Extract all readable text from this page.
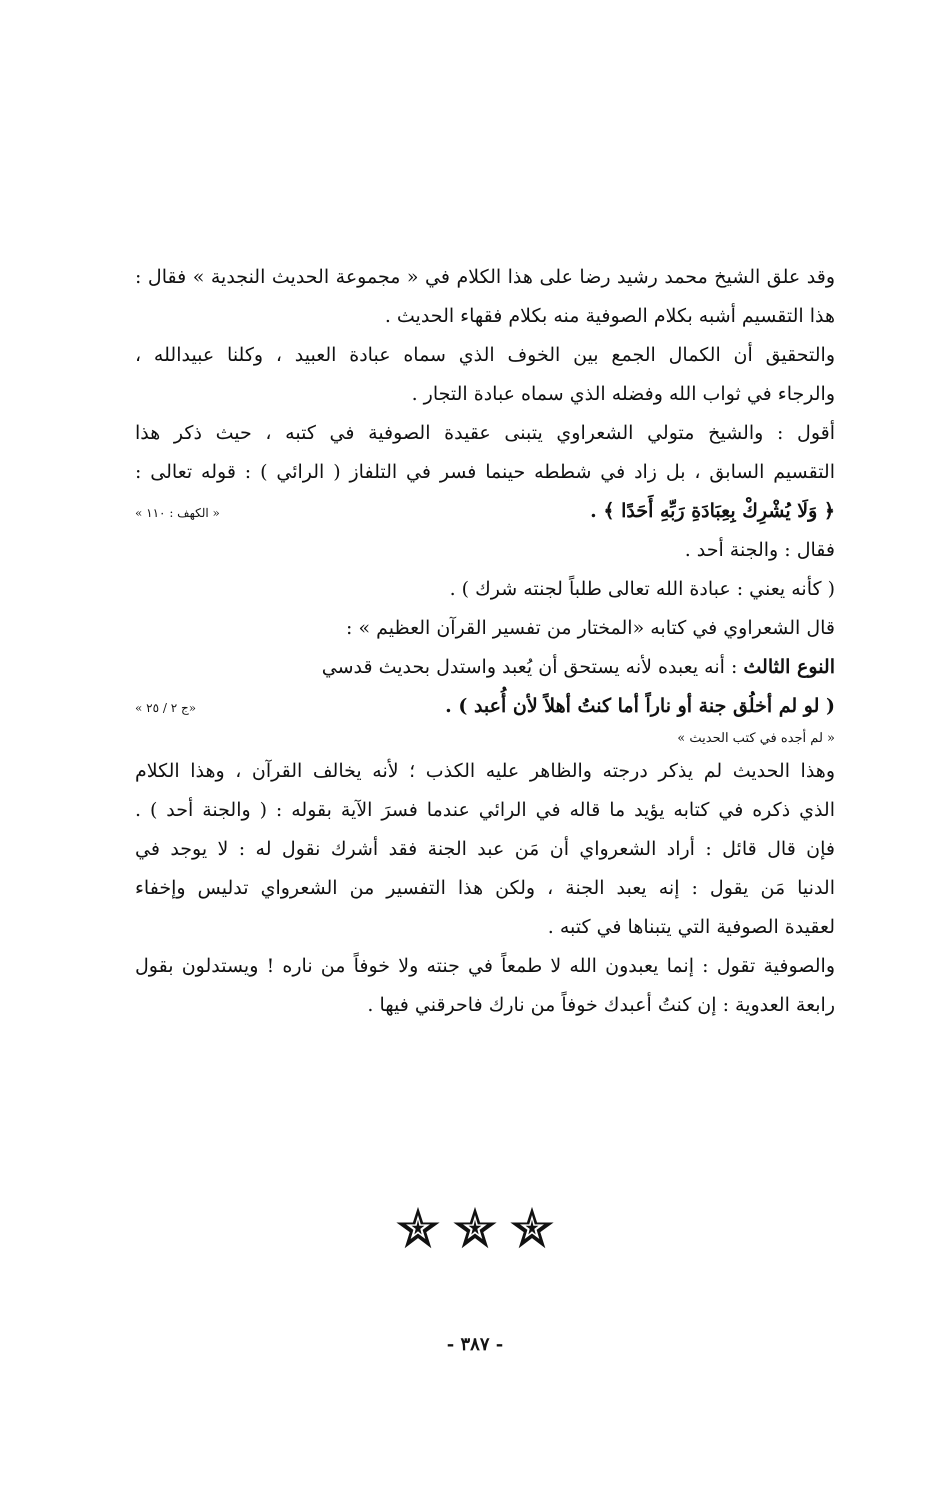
وقد علق الشيخ محمد رشيد رضا على هذا الكلام في « مجموعة الحديث النجدية » فقال :
هذا التقسيم أشبه بكلام الصوفية منه بكلام فقهاء الحديث .
والتحقيق أن الكمال الجمع بين الخوف الذي سماه عبادة العبيد ، وكلنا عبيدالله ،
والرجاء في ثواب الله وفضله الذي سماه عبادة التجار .
أقول : والشيخ متولي الشعراوي يتبنى عقيدة الصوفية في كتبه ، حيث ذكر هذا
التقسيم السابق ، بل زاد في شططه حينما فسر في التلفاز ( الرائي ) : قوله تعالى :
﴿ وَلَا يُشْرِكْ بِعِبَادَةِ رَبِّهِ أَحَدًا ﴾ .
« الكهف : ١١٠ »
فقال : والجنة أحد .
( كأنه يعني : عبادة الله تعالى طلباً لجنته شرك ) .
قال الشعراوي في كتابه «المختار من تفسير القرآن العظيم » :
النوع الثالث : أنه يعبده لأنه يستحق أن يُعبد واستدل بحديث قدسي
( لو لم أخلُق جنة أو ناراً أما كنتُ أهلاً لأن أُعبد ) .
«ج ٢ / ٢٥ »
« لم أجده في كتب الحديث »
وهذا الحديث لم يذكر درجته والظاهر عليه الكذب ؛ لأنه يخالف القرآن ، وهذا الكلام
الذي ذكره في كتابه يؤيد ما قاله في الرائي عندما فسرَ الآية بقوله : ( والجنة أحد ) .
فإن قال قائل : أراد الشعرواي أن مَن عبد الجنة فقد أشرك نقول له : لا يوجد في
الدنيا مَن يقول : إنه يعبد الجنة ، ولكن هذا التفسير من الشعرواي تدليس وإخفاء
لعقيدة الصوفية التي يتبناها في كتبه .
والصوفية تقول : إنما يعبدون الله لا طمعاً في جنته ولا خوفاً من ناره ! ويستدلون بقول
رابعة العدوية : إن كنتُ أعبدك خوفاً من نارك فاحرقني فيها .
- ٣٨٧ -
